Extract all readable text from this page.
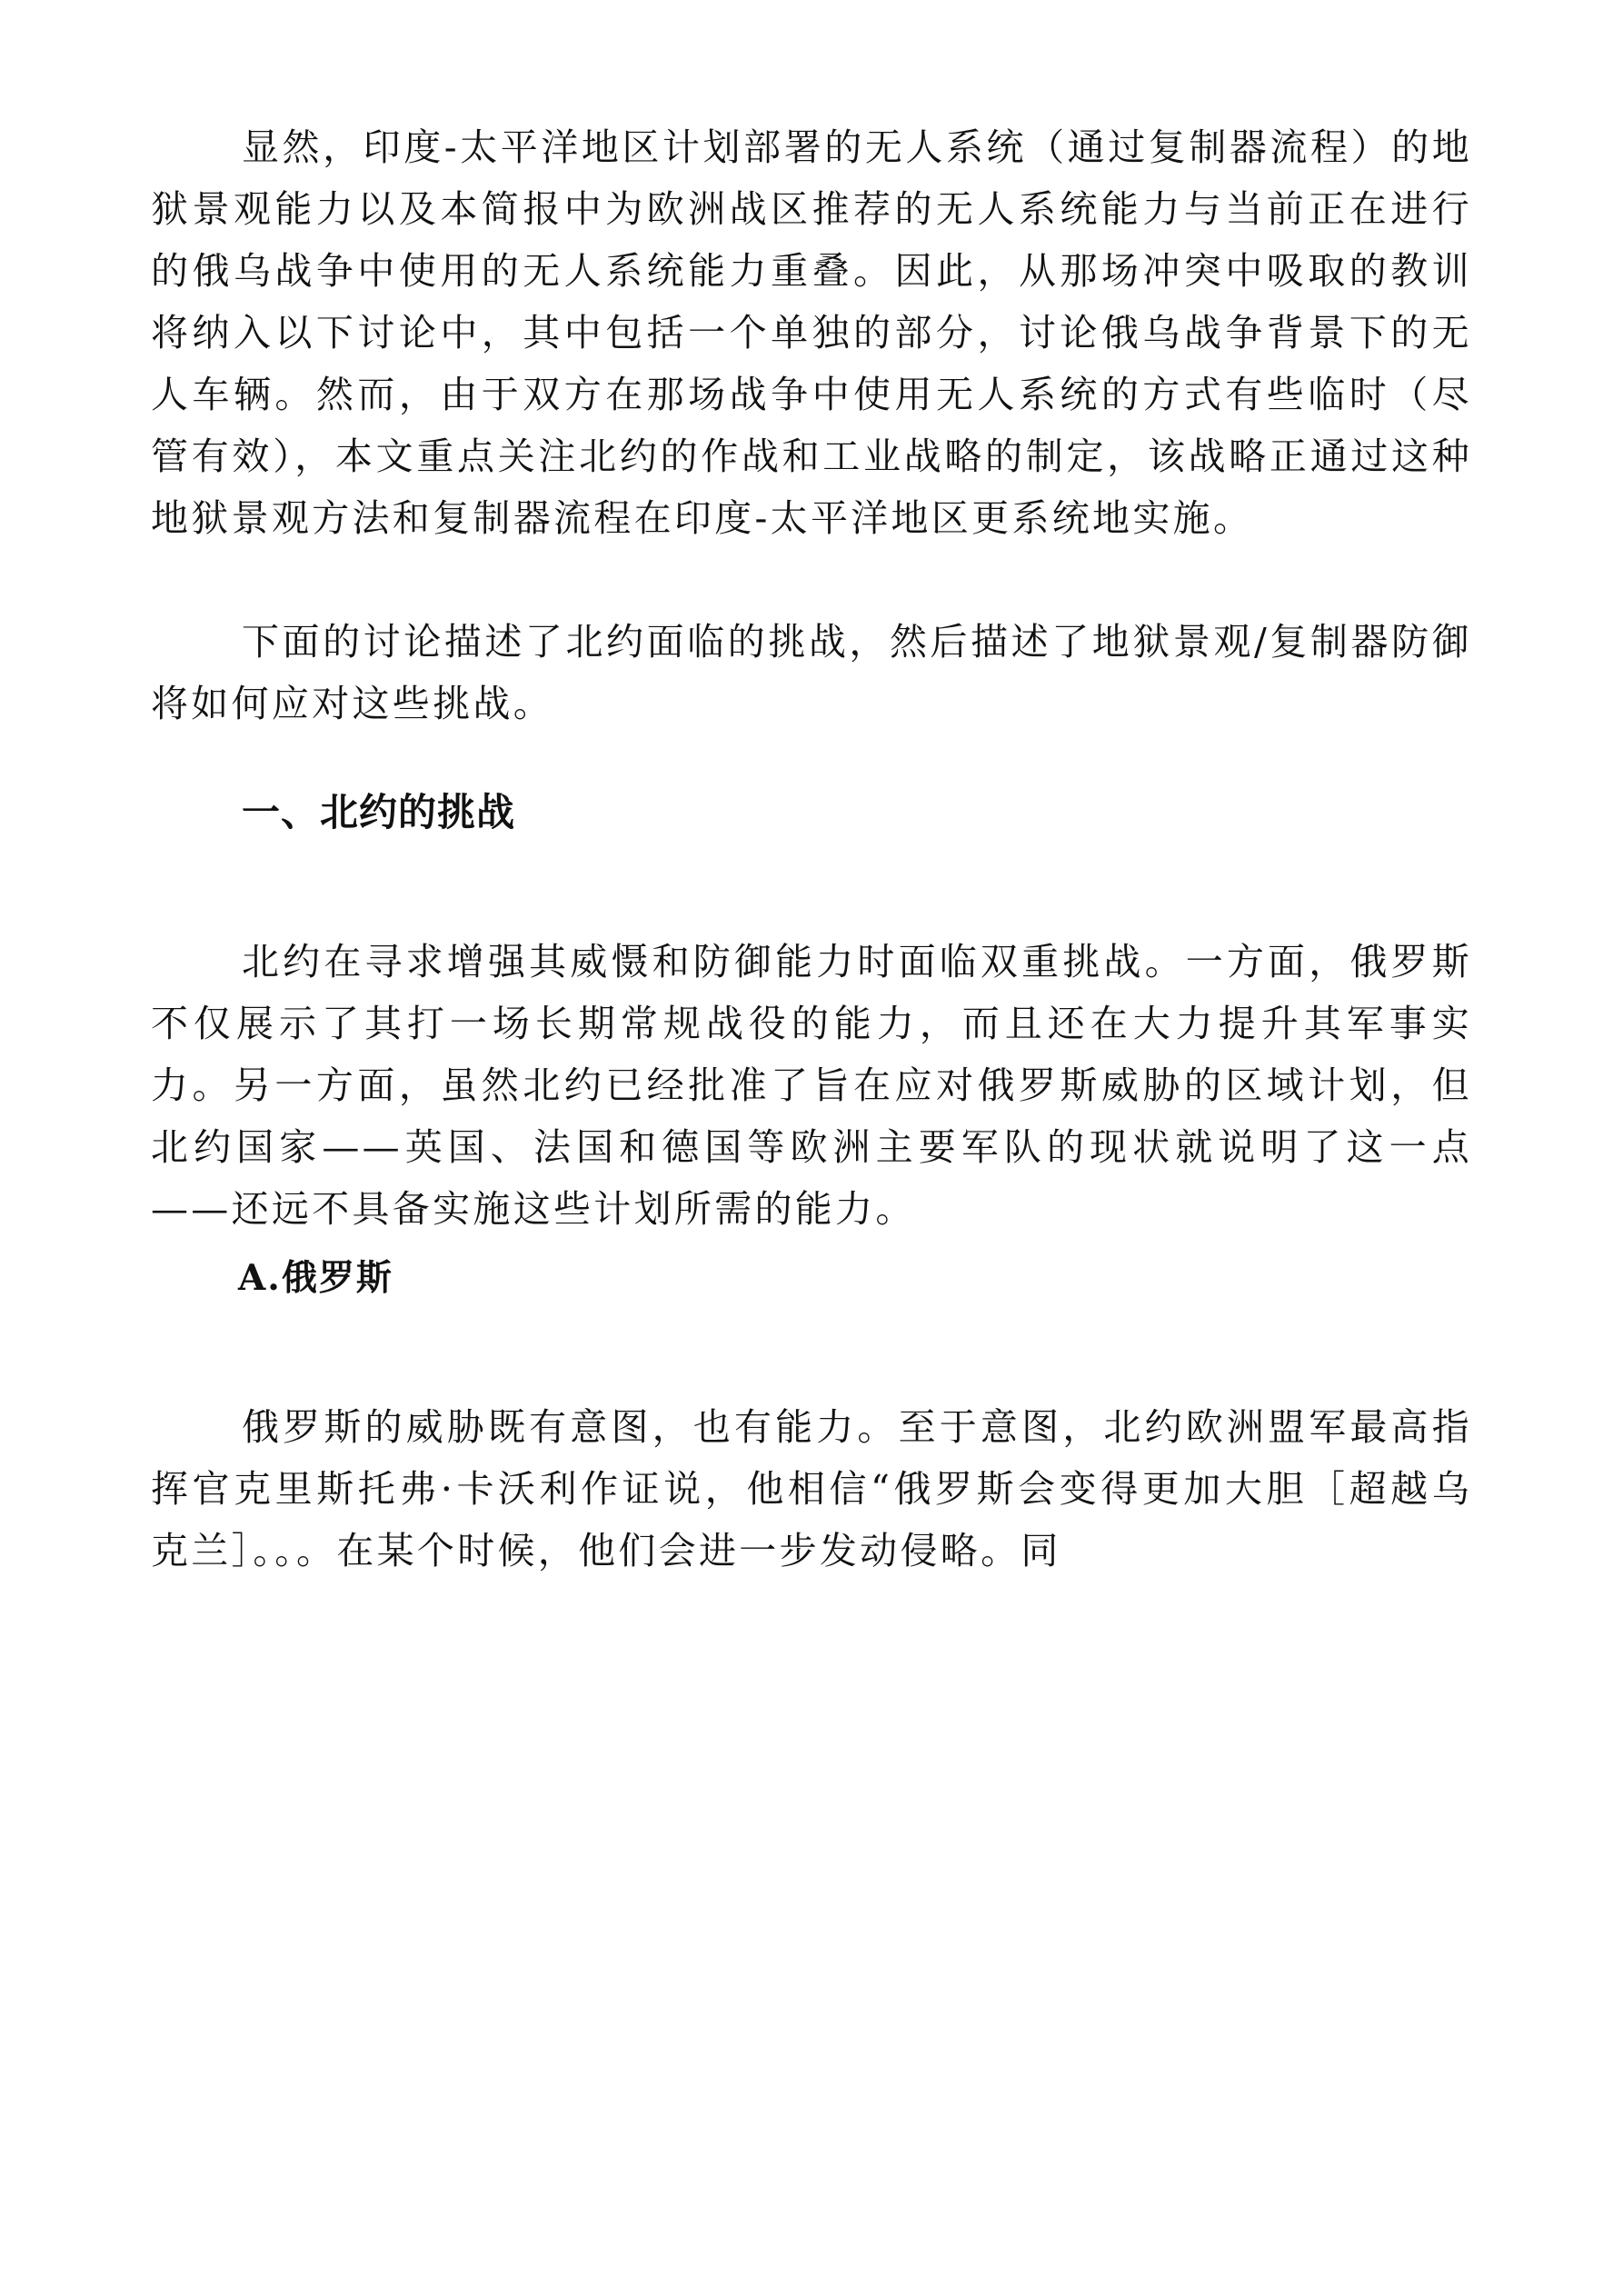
显然，印度-太平洋地区计划部署的无人系统（通过复制器流程）的地狱景观能力以及本简报中为欧洲战区推荐的无人系统能力与当前正在进行的俄乌战争中使用的无人系统能力重叠。因此，从那场冲突中吸取的教训将纳入以下讨论中，其中包括一个单独的部分，讨论俄乌战争背景下的无人车辆。然而，由于双方在那场战争中使用无人系统的方式有些临时（尽管有效），本文重点关注北约的作战和工业战略的制定，该战略正通过这种地狱景观方法和复制器流程在印度-太平洋地区更系统地实施。

下面的讨论描述了北约面临的挑战，然后描述了地狱景观/复制器防御将如何应对这些挑战。

一、北约的挑战

北约在寻求增强其威慑和防御能力时面临双重挑战。一方面，俄罗斯不仅展示了其打一场长期常规战役的能力，而且还在大力提升其军事实力。另一方面，虽然北约已经批准了旨在应对俄罗斯威胁的区域计划，但北约国家——英国、法国和德国等欧洲主要军队的现状就说明了这一点——还远不具备实施这些计划所需的能力。

A.俄罗斯

俄罗斯的威胁既有意图，也有能力。至于意图，北约欧洲盟军最高指挥官克里斯托弗·卡沃利作证说，他相信“俄罗斯会变得更加大胆［超越乌克兰］。。。在某个时候，他们会进一步发动侵略。同
